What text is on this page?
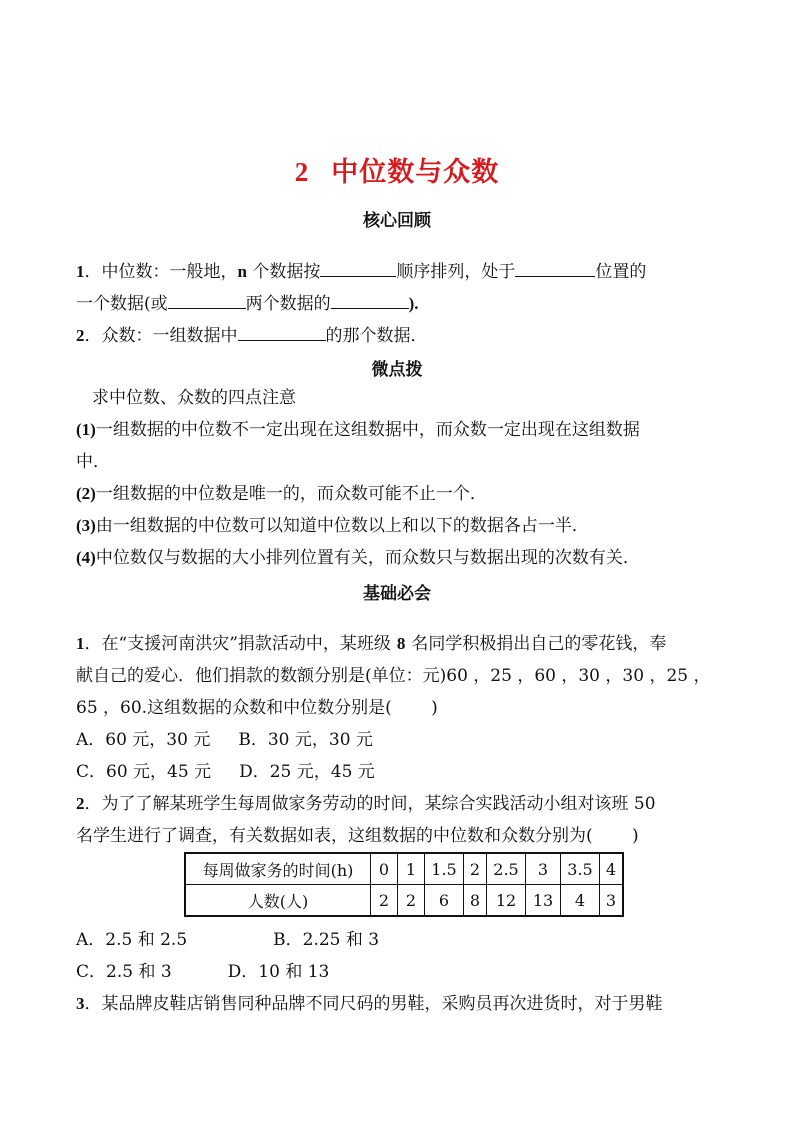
2 中位数与众数
核心回顾
1．中位数：一般地，n 个数据按	顺序排列，处于	位置的
一个数据(或	两个数据的	).
2．众数：一组数据中	的那个数据．
微点拨
求中位数、众数的四点注意
(1)一组数据的中位数不一定出现在这组数据中，而众数一定出现在这组数据
中．
(2)一组数据的中位数是唯一的，而众数可能不止一个．
(3)由一组数据的中位数可以知道中位数以上和以下的数据各占一半．
(4)中位数仅与数据的大小排列位置有关，而众数只与数据出现的次数有关．
基础必会
1．在“支援河南洪灾”捐款活动中，某班级 8 名同学积极捐出自己的零花钱，奉
献自己的爱心．他们捐款的数额分别是(单位：元)60 ，25 ，60 ，30 ，30 ，25 ，
65 ，60.这组数据的众数和中位数分别是(　　 )
A．60 元，30 元 B．30 元，30 元
C．60 元，45 元 D．25 元，45 元
2．为了了解某班学生每周做家务劳动的时间，某综合实践活动小组对该班 50
名学生进行了调查，有关数据如表，这组数据的中位数和众数分别为(　　 )
每周做家务的时间(h)	0	1	1.5	2	2.5	3	3.5	4
人数(人)	2	2	6	8	12	13	4	3
A．2.5 和 2.5	B．2.25 和 3
C．2.5 和 3	D．10 和 13
3．某品牌皮鞋店销售同种品牌不同尺码的男鞋，采购员再次进货时，对于男鞋
